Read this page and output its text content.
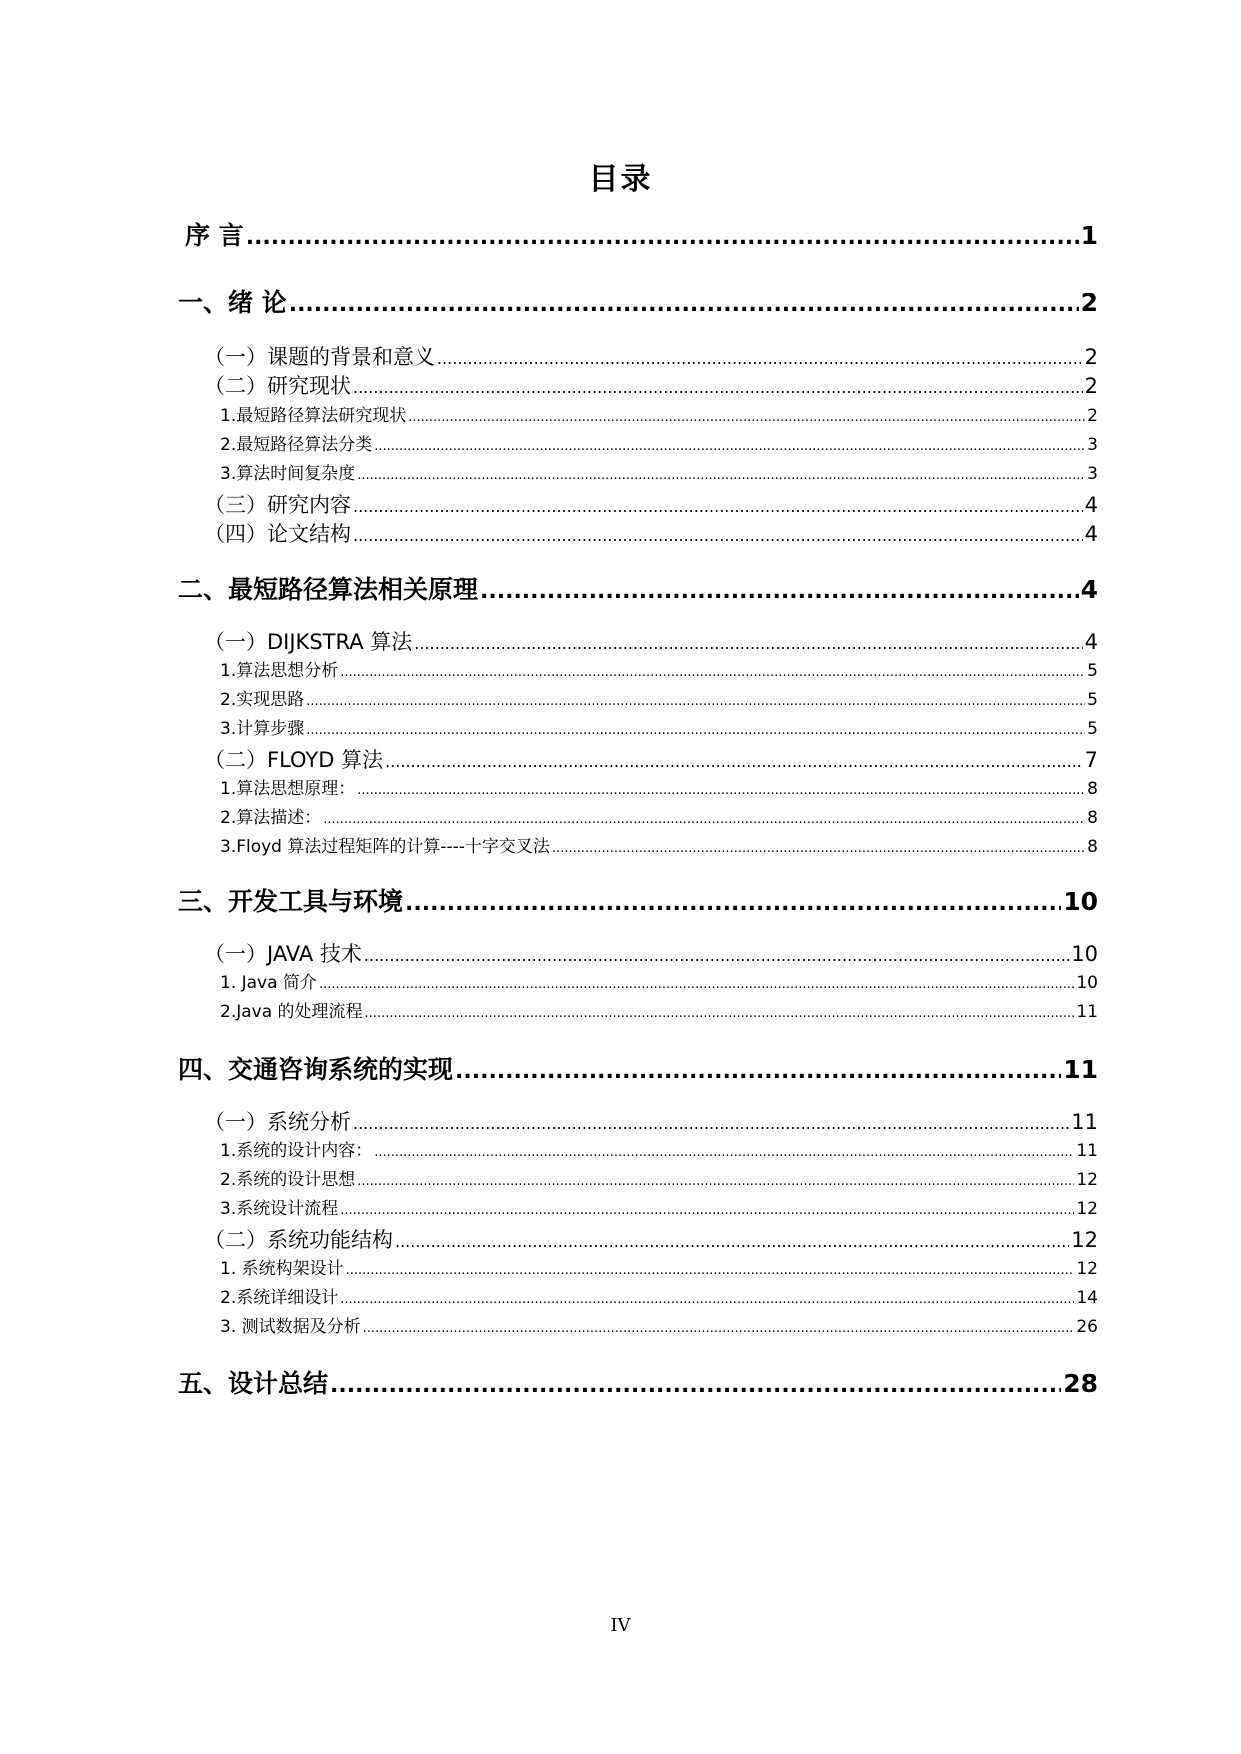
目录
序 言 .....	1
一、绪 论 .....	2
（一）课题的背景和意义 .....	2
（二）研究现状 .....	2
1.最短路径算法研究现状 .....	2
2.最短路径算法分类 .....	3
3.算法时间复杂度 .....	3
（三）研究内容 .....	4
（四）论文结构 .....	4
二、最短路径算法相关原理 .....	4
（一）DIJKSTRA 算法 .....	4
1.算法思想分析 .....	5
2.实现思路 .....	5
3.计算步骤 .....	5
（二）FLOYD 算法 .....	7
1.算法思想原理： .....	8
2.算法描述： .....	8
3.Floyd 算法过程矩阵的计算----十字交叉法 .....	8
三、开发工具与环境 .....	10
（一）JAVA 技术 .....	10
1. Java 简介 .....	10
2.Java 的处理流程 .....	11
四、交通咨询系统的实现 .....	11
（一）系统分析 .....	11
1.系统的设计内容： .....	11
2.系统的设计思想 .....	12
3.系统设计流程 .....	12
（二）系统功能结构 .....	12
1. 系统构架设计 .....	12
2.系统详细设计 .....	14
3. 测试数据及分析 .....	26
五、设计总结 .....	28
IV
